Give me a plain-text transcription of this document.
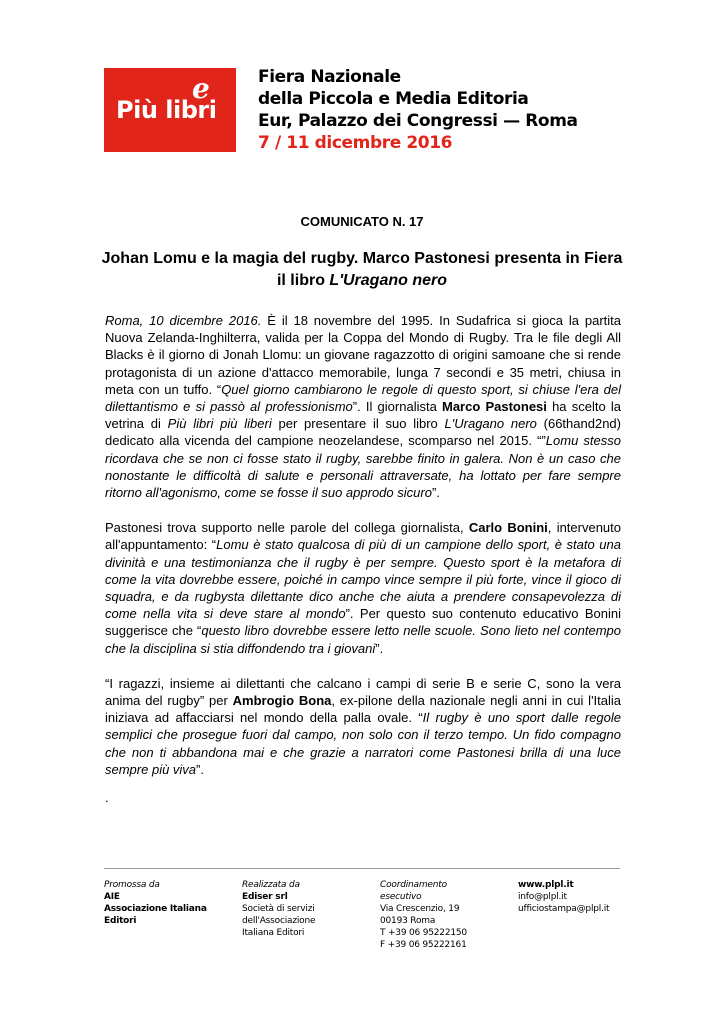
e
Più libri
Fiera Nazionale
della Piccola e Media Editoria
Eur, Palazzo dei Congressi — Roma
7 / 11 dicembre 2016
COMUNICATO N. 17
Johan Lomu e la magia del rugby. Marco Pastonesi presenta in Fiera il libro L'Uragano nero

Roma, 10 dicembre 2016. È il 18 novembre del 1995. In Sudafrica si gioca la partita Nuova Zelanda-Inghilterra, valida per la Coppa del Mondo di Rugby. Tra le file degli All Blacks è il giorno di Jonah Llomu: un giovane ragazzotto di origini samoane che si rende protagonista di un azione d'attacco memorabile, lunga 7 secondi e 35 metri, chiusa in meta con un tuffo. “Quel giorno cambiarono le regole di questo sport, si chiuse l'era del dilettantismo e si passò al professionismo”. Il giornalista Marco Pastonesi ha scelto la vetrina di Più libri più liberi per presentare il suo libro L'Uragano nero (66thand2nd) dedicato alla vicenda del campione neozelandese, scomparso nel 2015. “”Lomu stesso ricordava che se non ci fosse stato il rugby, sarebbe finito in galera. Non è un caso che nonostante le difficoltà di salute e personali attraversate, ha lottato per fare sempre ritorno all'agonismo, come se fosse il suo approdo sicuro”.

Pastonesi trova supporto nelle parole del collega giornalista, Carlo Bonini, intervenuto all'appuntamento: “Lomu è stato qualcosa di più di un campione dello sport, è stato una divinità e una testimonianza che il rugby è per sempre. Questo sport è la metafora di come la vita dovrebbe essere, poiché in campo vince sempre il più forte, vince il gioco di squadra, e da rugbysta dilettante dico anche che aiuta a prendere consapevolezza di come nella vita si deve stare al mondo”. Per questo suo contenuto educativo Bonini suggerisce che “questo libro dovrebbe essere letto nelle scuole. Sono lieto nel contempo che la disciplina si stia diffondendo tra i giovani”.

“I ragazzi, insieme ai dilettanti che calcano i campi di serie B e serie C, sono la vera anima del rugby” per Ambrogio Bona, ex-pilone della nazionale negli anni in cui l'Italia iniziava ad affacciarsi nel mondo della palla ovale. “Il rugby è uno sport dalle regole semplici che prosegue fuori dal campo, non solo con il terzo tempo. Un fido compagno che non ti abbandona mai e che grazie a narratori come Pastonesi brilla di una luce sempre più viva”.

.
Promossa da
AIE
Associazione Italiana
Editori
Realizzata da
Ediser srl
Società di servizi
dell'Associazione
Italiana Editori
Coordinamento
esecutivo
Via Crescenzio, 19
00193 Roma
T +39 06 95222150
F +39 06 95222161
www.plpl.it
info@plpl.it
ufficiostampa@plpl.it
